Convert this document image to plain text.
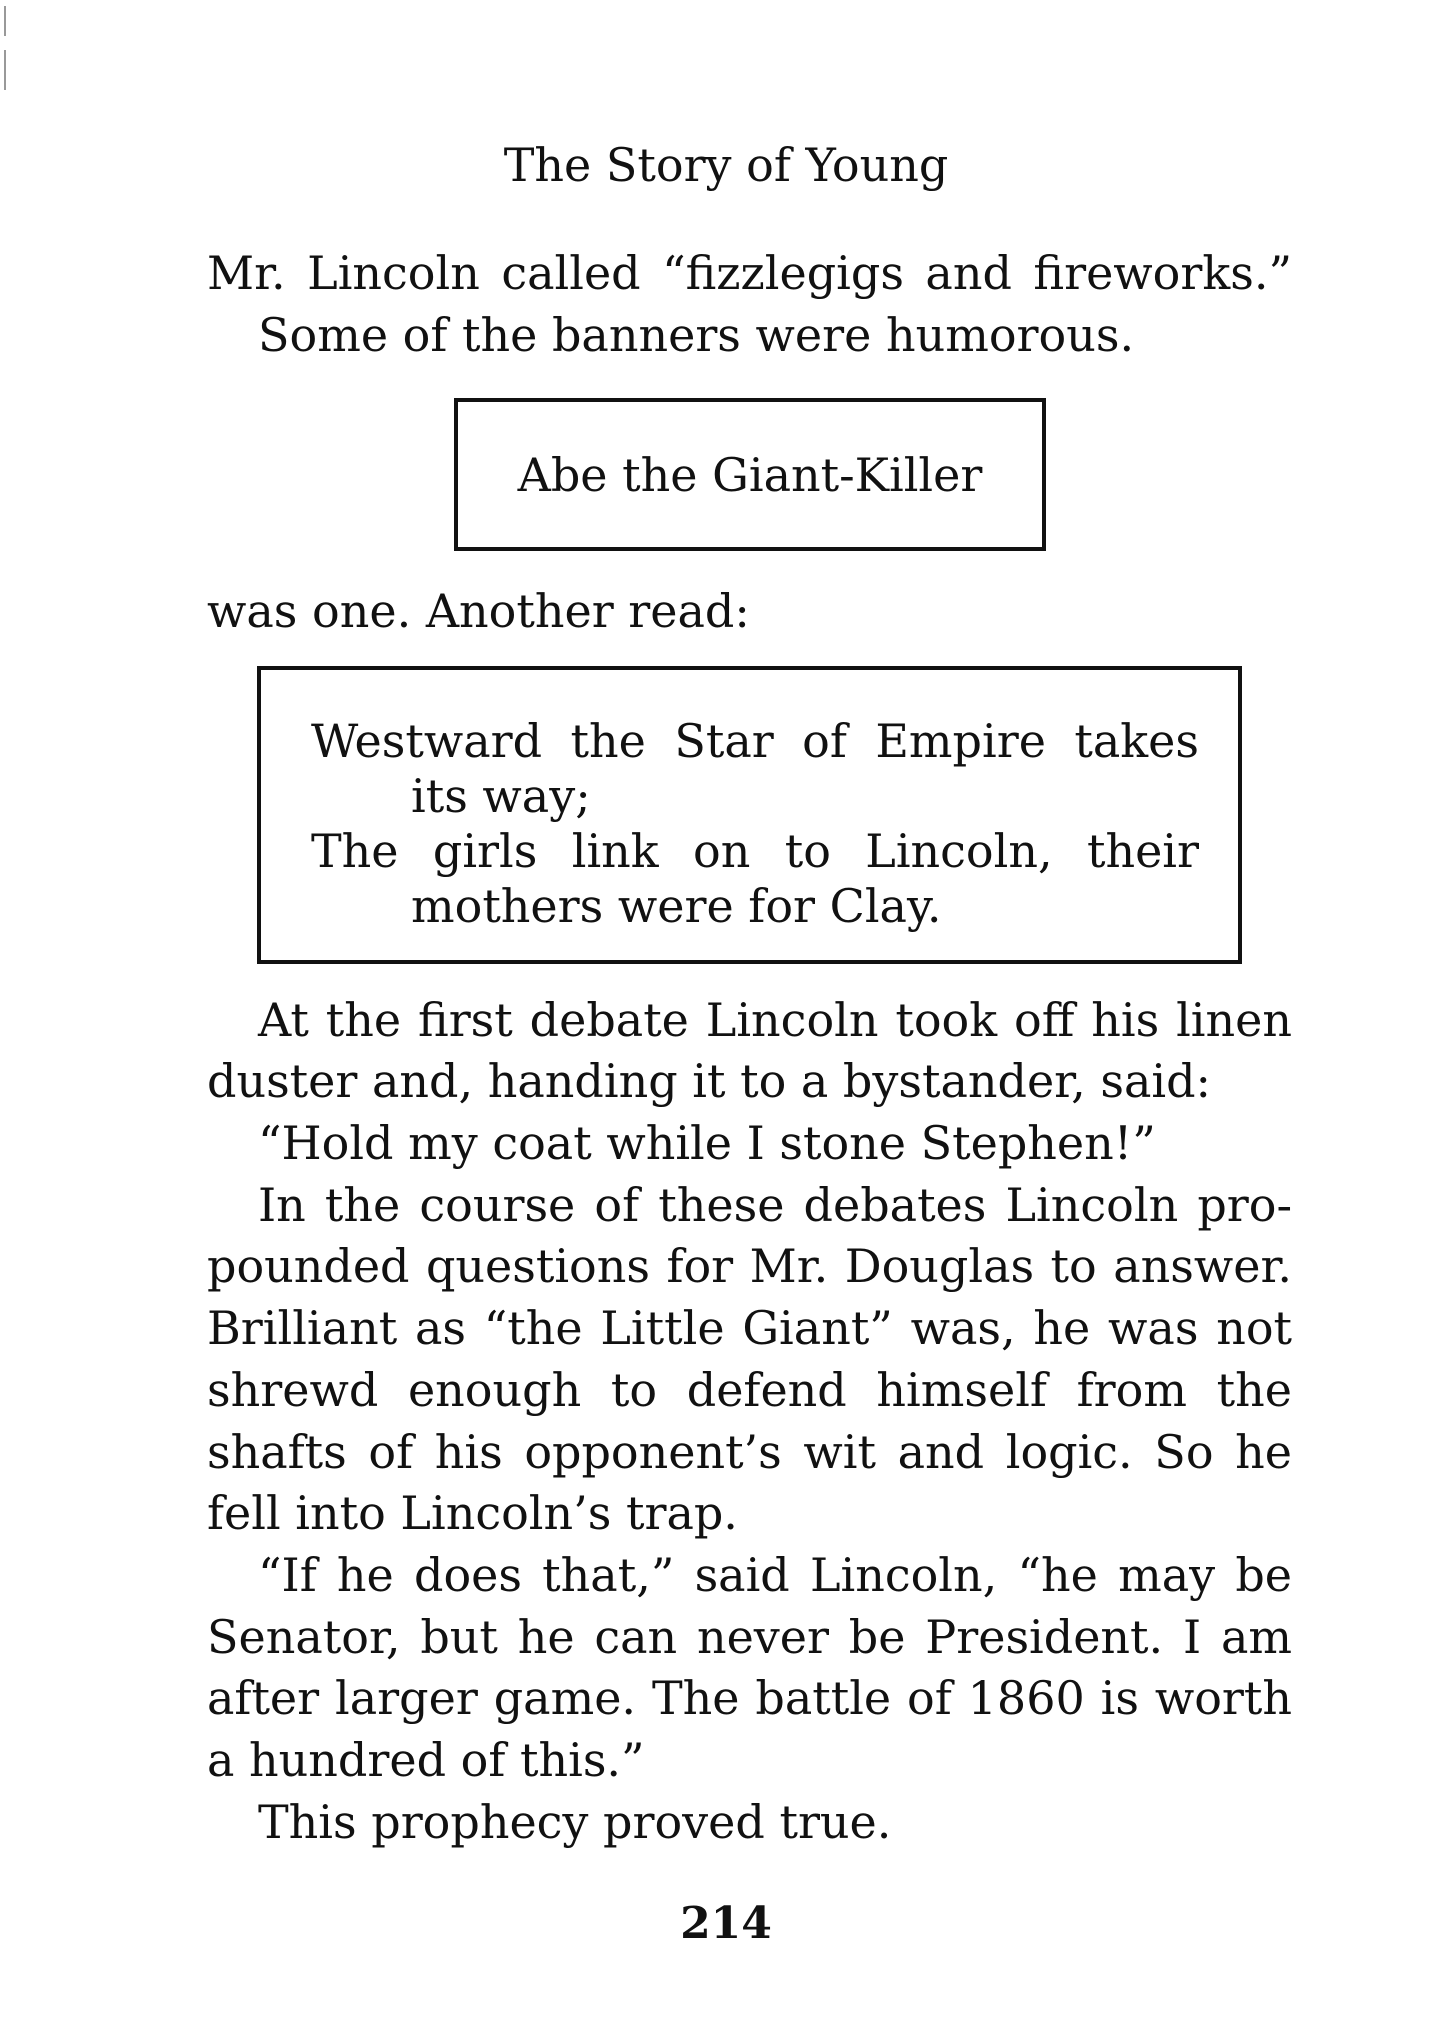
The Story of Young
Mr. Lincoln called “fizzlegigs and fireworks.”
Some of the banners were humorous.
Abe the Giant-Killer
was one. Another read:
Westward the Star of Empire takes
its way;
The girls link on to Lincoln, their
mothers were for Clay.
At the first debate Lincoln took off his linen
duster and, handing it to a bystander, said:
“Hold my coat while I stone Stephen!”
In the course of these debates Lincoln pro-
pounded questions for Mr. Douglas to answer.
Brilliant as “the Little Giant” was, he was not
shrewd enough to defend himself from the
shafts of his opponent’s wit and logic. So he
fell into Lincoln’s trap.
“If he does that,” said Lincoln, “he may be
Senator, but he can never be President. I am
after larger game. The battle of 1860 is worth
a hundred of this.”
This prophecy proved true.
214
